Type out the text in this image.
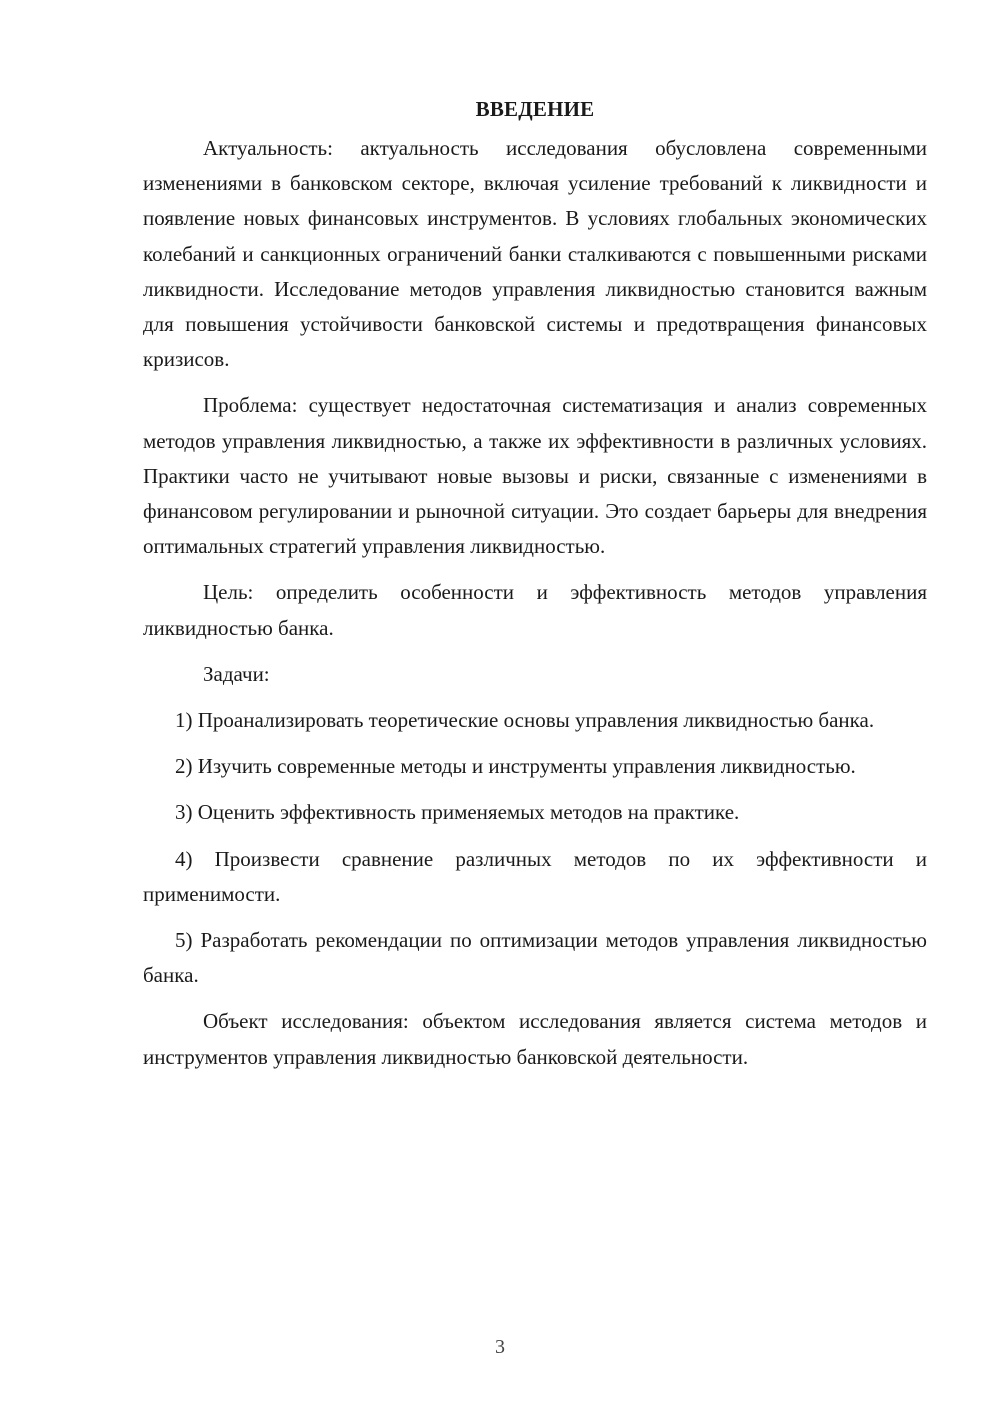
ВВЕДЕНИЕ

Актуальность: актуальность исследования обусловлена современными изменениями в банковском секторе, включая усиление требований к ликвидности и появление новых финансовых инструментов. В условиях глобальных экономических колебаний и санкционных ограничений банки сталкиваются с повышенными рисками ликвидности. Исследование методов управления ликвидностью становится важным для повышения устойчивости банковской системы и предотвращения финансовых кризисов.

Проблема: существует недостаточная систематизация и анализ современных методов управления ликвидностью, а также их эффективности в различных условиях. Практики часто не учитывают новые вызовы и риски, связанные с изменениями в финансовом регулировании и рыночной ситуации. Это создает барьеры для внедрения оптимальных стратегий управления ликвидностью.

Цель: определить особенности и эффективность методов управления ликвидностью банка.

Задачи:

1) Проанализировать теоретические основы управления ликвидностью банка.

2) Изучить современные методы и инструменты управления ликвидностью.

3) Оценить эффективность применяемых методов на практике.

4) Произвести сравнение различных методов по их эффективности и применимости.

5) Разработать рекомендации по оптимизации методов управления ликвидностью банка.

Объект исследования: объектом исследования является система методов и инструментов управления ликвидностью банковской деятельности.

3
